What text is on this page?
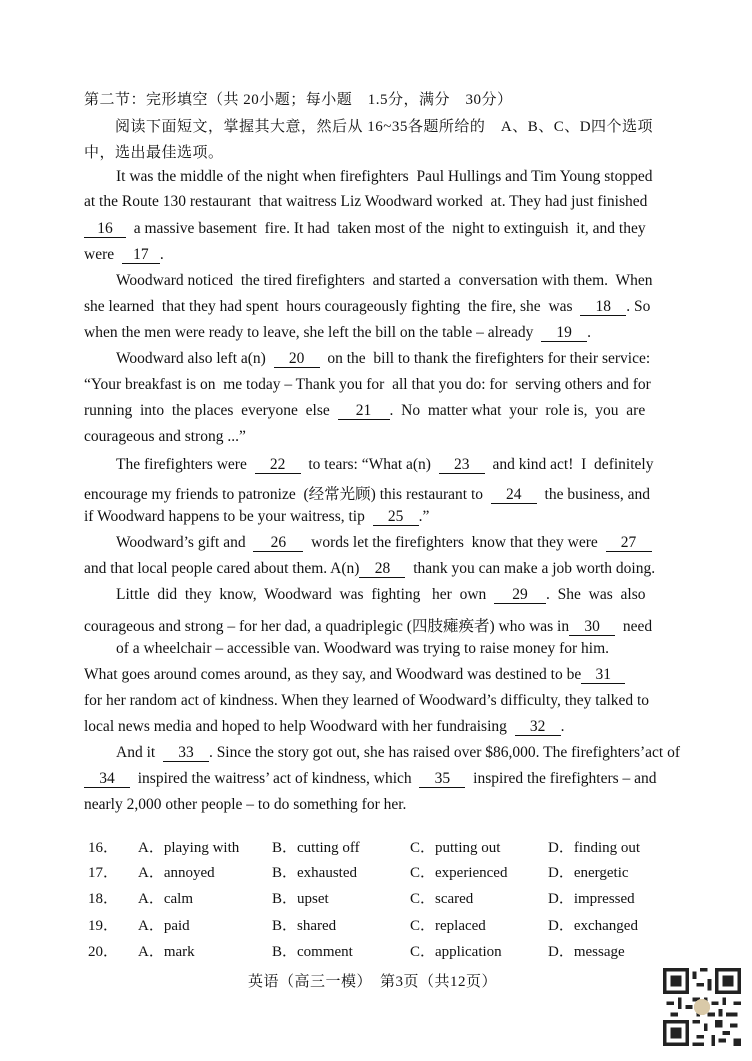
第二节：完形填空（共 20小题；每小题　1.5分，满分　30分）
阅读下面短文，掌握其大意，然后从 16~35各题所给的　A、B、C、D四个选项中，选出最佳选项。
It was the middle of the night when firefighters  Paul Hullings and Tim Young stopped
at the Route 130 restaurant  that waitress Liz Woodward worked  at. They had just finished
16  a massive basement  fire. It had  taken most of the  night to extinguish  it, and they
were  17 .
Woodward noticed  the tired firefighters  and started a  conversation with them.  When
she learned  that they had spent  hours courageously fighting  the fire, she  was  18 . So
when the men were ready to leave, she left the bill on the table – already  19 .
Woodward also left a(n)  20  on the  bill to thank the firefighters for their service:
“Your breakfast is on  me today – Thank you for  all that you do: for  serving others and for
running  into  the places  everyone  else  21 .  No  matter what  your  role is,  you  are
courageous and strong ...”
The firefighters were  22  to tears: “What a(n)  23  and kind act!  I  definitely
encourage my friends to patronize  (经常光顾) this restaurant to  24  the business, and
if Woodward happens to be your waitress, tip  25 .”
Woodward’s gift and  26  words let the firefighters  know that they were  27
and that local people cared about them. A(n) 28  thank you can make a job worth doing.
Little  did  they  know,  Woodward  was  fighting   her  own  29 .  She  was  also
courageous and strong – for her dad, a quadriplegic (四肢瘫痪者) who was in 30  need
of a wheelchair – accessible van. Woodward was trying to raise money for him.
What goes around comes around, as they say, and Woodward was destined to be 31
for her random act of kindness. When they learned of Woodward’s difficulty, they talked to
local news media and hoped to help Woodward with her fundraising  32 .
And it  33 . Since the story got out, she has raised over $86,000. The firefighters’act of
34  inspired the waitress’ act of kindness, which  35  inspired the firefighters – and
nearly 2,000 other people – to do something for her.
16． A．playing with B．cutting off	C．putting out	D．finding out
17． A．annoyed	B．exhausted	C．experienced	D．energetic
18． A．calm	B．upset	C．scared	D．impressed
19． A．paid	B．shared	C．replaced	D．exchanged
20． A．mark	B．comment	C．application	D．message
英语（高三一模）　第3页（共12页）
